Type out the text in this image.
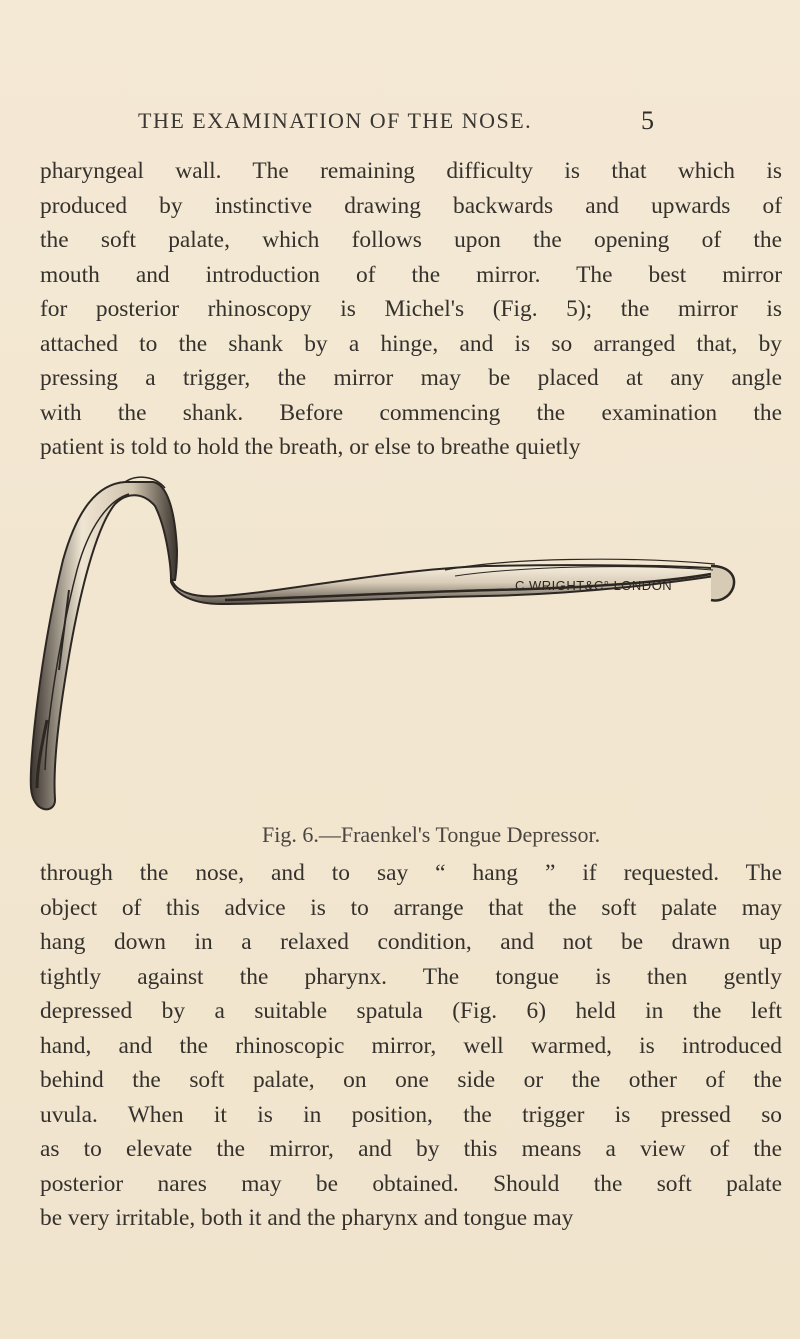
THE EXAMINATION OF THE NOSE.	5

pharyngeal wall. The remaining difficulty is that which is
produced by instinctive drawing backwards and upwards of
the soft palate, which follows upon the opening of the
mouth and introduction of the mirror. The best mirror
for posterior rhinoscopy is Michel's (Fig. 5); the mirror is
attached to the shank by a hinge, and is so arranged that, by
pressing a trigger, the mirror may be placed at any angle
with the shank. Before commencing the examination the
patient is told to hold the breath, or else to breathe quietly

C.WRIGHT&C° LONDON
Fig. 6.—Fraenkel's Tongue Depressor.

through the nose, and to say “ hang ” if requested. The
object of this advice is to arrange that the soft palate may
hang down in a relaxed condition, and not be drawn up
tightly against the pharynx. The tongue is then gently
depressed by a suitable spatula (Fig. 6) held in the left
hand, and the rhinoscopic mirror, well warmed, is introduced
behind the soft palate, on one side or the other of the
uvula. When it is in position, the trigger is pressed so
as to elevate the mirror, and by this means a view of the
posterior nares may be obtained. Should the soft palate
be very irritable, both it and the pharynx and tongue may
